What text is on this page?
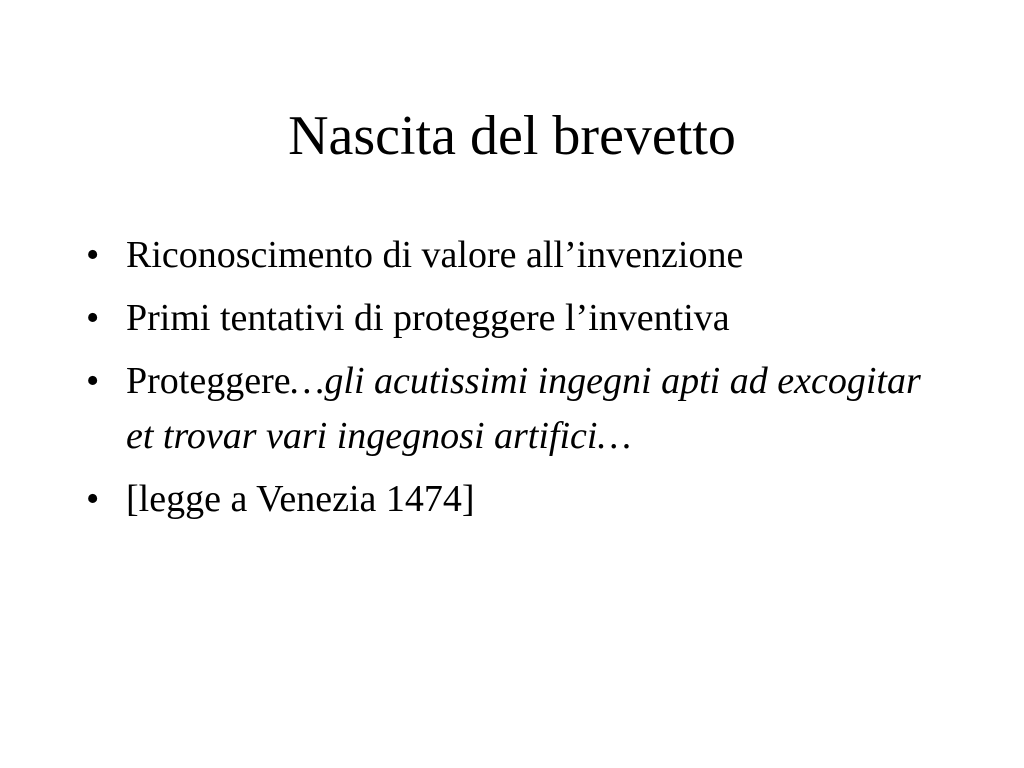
Nascita del brevetto
• Riconoscimento di valore all’invenzione
• Primi tentativi di proteggere l’inventiva
• Proteggere…gli acutissimi ingegni apti ad excogitar et trovar vari ingegnosi artifici…
• [legge a Venezia 1474]
